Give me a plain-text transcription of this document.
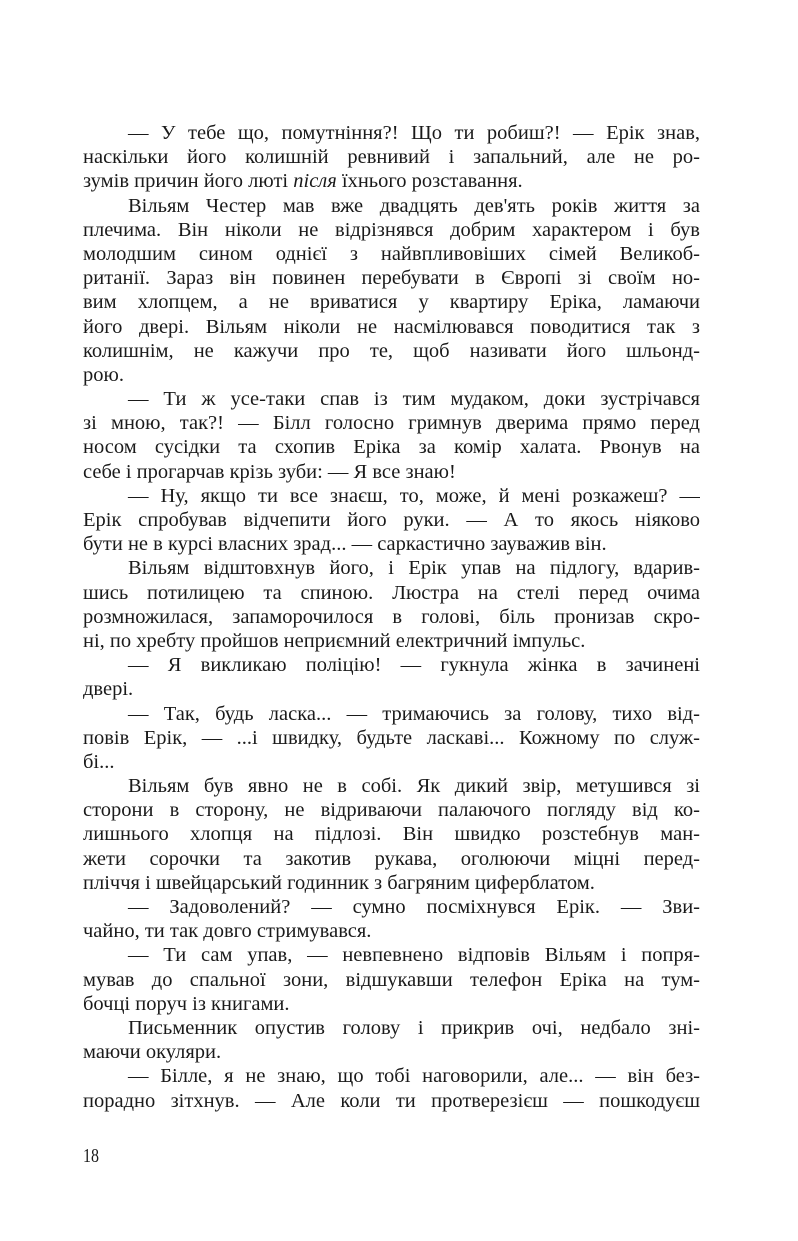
— У тебе що, помутніння?! Що ти робиш?! — Ерік знав,
наскільки його колишній ревнивий і запальний, але не ро-
зумів причин його люті після їхнього розставання.
Вільям Честер мав вже двадцять дев'ять років життя за
плечима. Він ніколи не відрізнявся добрим характером і був
молодшим сином однієї з найвпливовіших сімей Великоб-
ританії. Зараз він повинен перебувати в Європі зі своїм но-
вим хлопцем, а не вриватися у квартиру Еріка, ламаючи
його двері. Вільям ніколи не насмілювався поводитися так з
колишнім, не кажучи про те, щоб називати його шльонд-
рою.
— Ти ж усе-таки спав із тим мудаком, доки зустрічався
зі мною, так?! — Білл голосно гримнув дверима прямо перед
носом сусідки та схопив Еріка за комір халата. Рвонув на
себе і прогарчав крізь зуби: — Я все знаю!
— Ну, якщо ти все знаєш, то, може, й мені розкажеш? —
Ерік спробував відчепити його руки. — А то якось ніяково
бути не в курсі власних зрад... — саркастично зауважив він.
Вільям відштовхнув його, і Ерік упав на підлогу, вдарив-
шись потилицею та спиною. Люстра на стелі перед очима
розмножилася, запаморочилося в голові, біль пронизав скро-
ні, по хребту пройшов неприємний електричний імпульс.
— Я викликаю поліцію! — гукнула жінка в зачинені
двері.
— Так, будь ласка... — тримаючись за голову, тихо від-
повів Ерік, — ...і швидку, будьте ласкаві... Кожному по служ-
бі...
Вільям був явно не в собі. Як дикий звір, метушився зі
сторони в сторону, не відриваючи палаючого погляду від ко-
лишнього хлопця на підлозі. Він швидко розстебнув ман-
жети сорочки та закотив рукава, оголюючи міцні перед-
пліччя і швейцарський годинник з багряним циферблатом.
— Задоволений? — сумно посміхнувся Ерік. — Зви-
чайно, ти так довго стримувався.
— Ти сам упав, — невпевнено відповів Вільям і попря-
мував до спальної зони, відшукавши телефон Еріка на тум-
бочці поруч із книгами.
Письменник опустив голову і прикрив очі, недбало зні-
маючи окуляри.
— Білле, я не знаю, що тобі наговорили, але... — він без-
порадно зітхнув. — Але коли ти протверезієш — пошкодуєш
18
